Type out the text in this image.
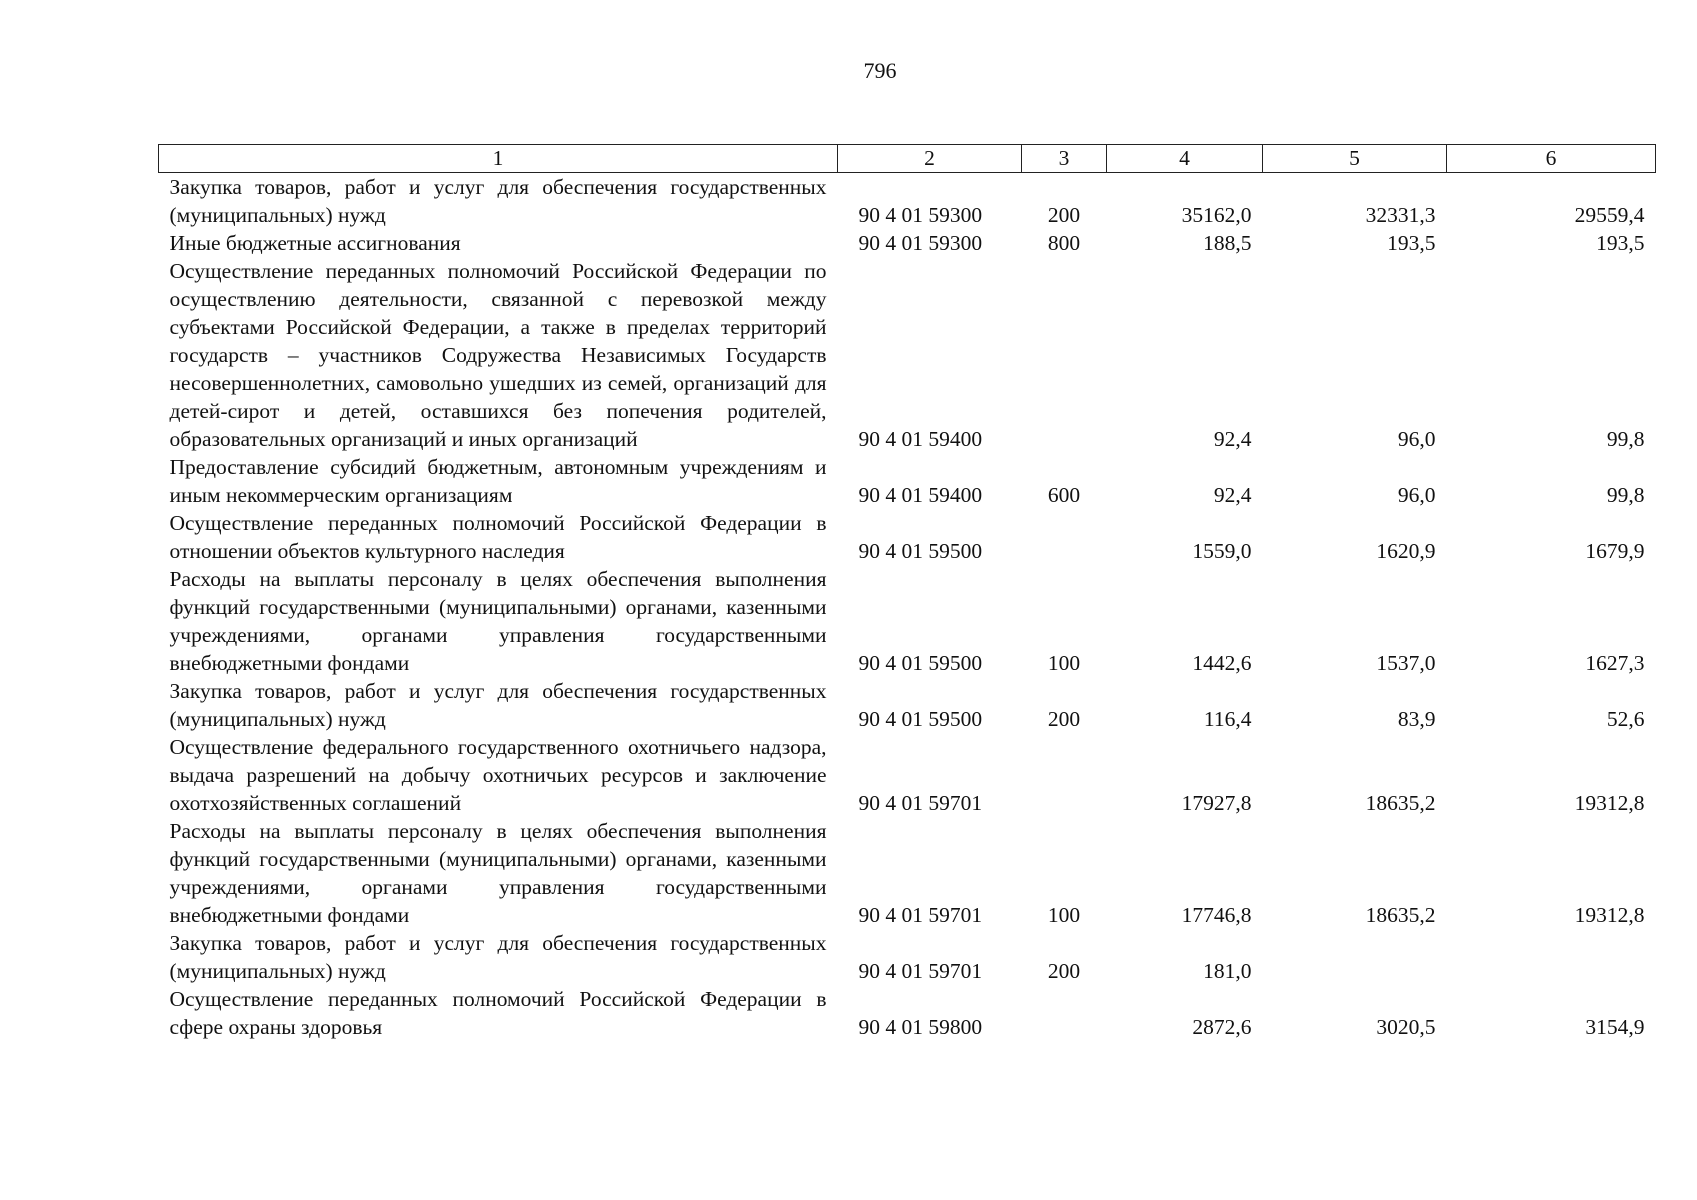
796
1	2	3	4	5	6
Закупка товаров, работ и услуг для обеспечения государственных (муниципальных) нужд	90 4 01 59300	200	35162,0	32331,3	29559,4
Иные бюджетные ассигнования	90 4 01 59300	800	188,5	193,5	193,5
Осуществление переданных полномочий Российской Федерации по осуществлению деятельности, связанной с перевозкой между субъектами Российской Федерации, а также в пределах территорий государств – участников Содружества Независимых Государств несовершеннолетних, самовольно ушедших из семей, организаций для детей-сирот и детей, оставшихся без попечения родителей, образовательных организаций и иных организаций	90 4 01 59400		92,4	96,0	99,8
Предоставление субсидий бюджетным, автономным учреждениям и иным некоммерческим организациям	90 4 01 59400	600	92,4	96,0	99,8
Осуществление переданных полномочий Российской Федерации в отношении объектов культурного наследия	90 4 01 59500		1559,0	1620,9	1679,9
Расходы на выплаты персоналу в целях обеспечения выполнения функций государственными (муниципальными) органами, казенными учреждениями, органами управления государственными внебюджетными фондами	90 4 01 59500	100	1442,6	1537,0	1627,3
Закупка товаров, работ и услуг для обеспечения государственных (муниципальных) нужд	90 4 01 59500	200	116,4	83,9	52,6
Осуществление федерального государственного охотничьего надзора, выдача разрешений на добычу охотничьих ресурсов и заключение охотхозяйственных соглашений	90 4 01 59701		17927,8	18635,2	19312,8
Расходы на выплаты персоналу в целях обеспечения выполнения функций государственными (муниципальными) органами, казенными учреждениями, органами управления государственными внебюджетными фондами	90 4 01 59701	100	17746,8	18635,2	19312,8
Закупка товаров, работ и услуг для обеспечения государственных (муниципальных) нужд	90 4 01 59701	200	181,0		
Осуществление переданных полномочий Российской Федерации в сфере охраны здоровья	90 4 01 59800		2872,6	3020,5	3154,9
